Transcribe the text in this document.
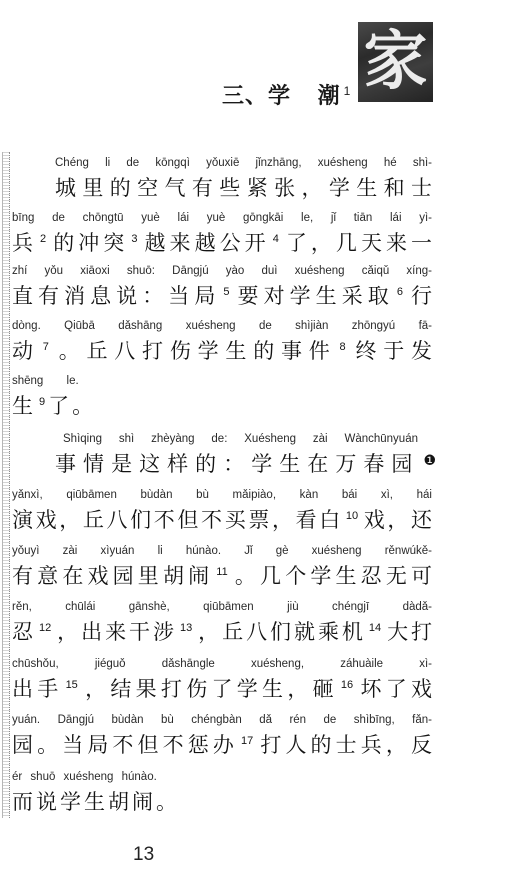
三、学 潮 $^1$ 家
Chéng li de kōngqì yǒuxiē jǐnzhāng, xuésheng hé shì-
城里的空气有些紧张，学生和士
bīng de chōngtū yuè lái yuè gōngkāi le, jǐ tiān lái yì-
兵 $^2$ 的冲突 $^3$ 越来越公开 $^4$ 了，几天来一
zhí yǒu xiāoxi shuō: Dāngjú yào duì xuésheng cǎiqǔ xíng-
直有消息说：当局 $^5$ 要对学生采取 $^6$ 行
dòng. Qiūbā dǎshāng xuésheng de shìjiàn zhōngyú fā-
动 $^7$ 。丘八打伤学生的事件 $^8$ 终于发
shēng le.
生 $^9$ 了。
Shìqing shì zhèyàng de: Xuésheng zài Wànchūnyuán
事情是这样的：学生在万春园 $^❶$
yǎnxì, qiūbāmen bùdàn bù mǎipiào, kàn bái xì, hái
演戏，丘八们不但不买票，看白 $^{10}$ 戏，还
yǒuyì zài xìyuán li húnào. Jǐ gè xuésheng rěnwúkě-
有意在戏园里胡闹 $^{11}$ 。几个学生忍无可
rěn, chūlái gānshè, qiūbāmen jiù chéngjī dàdǎ-
忍 $^{12}$ ，出来干涉 $^{13}$ ，丘八们就乘机 $^{14}$ 大打
chūshǒu, jiéguǒ dǎshāngle xuésheng, záhuàile xì-
出手 $^{15}$ ，结果打伤了学生，砸 $^{16}$ 坏了戏
yuán. Dāngjú bùdàn bù chéngbàn dǎ rén de shìbīng, fǎn-
园。当局不但不惩办 $^{17}$ 打人的士兵，反
ér shuō xuésheng húnào.
而说学生胡闹。
13
